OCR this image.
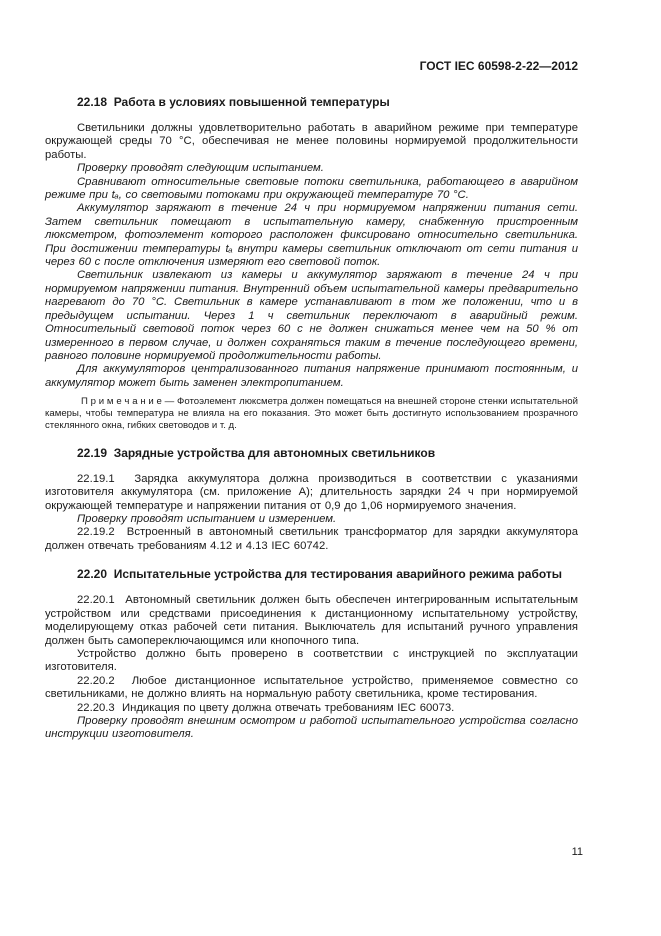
ГОСТ IEC 60598-2-22—2012
22.18  Работа в условиях повышенной температуры

Светильники должны удовлетворительно работать в аварийном режиме при температуре окружающей среды 70 °С, обеспечивая не менее половины нормируемой продолжительности работы.

Проверку проводят следующим испытанием.

Сравнивают относительные световые потоки светильника, работающего в аварийном режиме при tₐ, со световыми потоками при окружающей температуре 70 °С.

Аккумулятор заряжают в течение 24 ч при нормируемом напряжении питания сети. Затем светильник помещают в испытательную камеру, снабженную пристроенным люксметром, фотоэлемент которого расположен фиксировано относительно светильника. При достижении температуры tₐ внутри камеры светильник отключают от сети питания и через 60 с после отключения измеряют его световой поток.

Светильник извлекают из камеры и аккумулятор заряжают в течение 24 ч при нормируемом напряжении питания. Внутренний объем испытательной камеры предварительно нагревают до 70 °С. Светильник в камере устанавливают в том же положении, что и в предыдущем испытании. Через 1 ч светильник переключают в аварийный режим. Относительный световой поток через 60 с не должен снижаться менее чем на 50 % от измеренного в первом случае, и должен сохраняться таким в течение последующего времени, равного половине нормируемой продолжительности работы.

Для аккумуляторов централизованного питания напряжение принимают постоянным, и аккумулятор может быть заменен электропитанием.

П р и м е ч а н и е — Фотоэлемент люксметра должен помещаться на внешней стороне стенки испытательной камеры, чтобы температура не влияла на его показания. Это может быть достигнуто использованием прозрачного стеклянного окна, гибких световодов и т. д.

22.19  Зарядные устройства для автономных светильников

22.19.1  Зарядка аккумулятора должна производиться в соответствии с указаниями изготовителя аккумулятора (см. приложение А); длительность зарядки 24 ч при нормируемой окружающей температуре и напряжении питания от 0,9 до 1,06 нормируемого значения.

Проверку проводят испытанием и измерением.

22.19.2  Встроенный в автономный светильник трансформатор для зарядки аккумулятора должен отвечать требованиям 4.12 и 4.13 IEC 60742.

22.20  Испытательные устройства для тестирования аварийного режима работы

22.20.1  Автономный светильник должен быть обеспечен интегрированным испытательным устройством или средствами присоединения к дистанционному испытательному устройству, моделирующему отказ рабочей сети питания. Выключатель для испытаний ручного управления должен быть самопереключающимся или кнопочного типа.

Устройство должно быть проверено в соответствии с инструкцией по эксплуатации изготовителя.

22.20.2  Любое дистанционное испытательное устройство, применяемое совместно со светильниками, не должно влиять на нормальную работу светильника, кроме тестирования.

22.20.3  Индикация по цвету должна отвечать требованиям IEC 60073.

Проверку проводят внешним осмотром и работой испытательного устройства согласно инструкции изготовителя.

11
